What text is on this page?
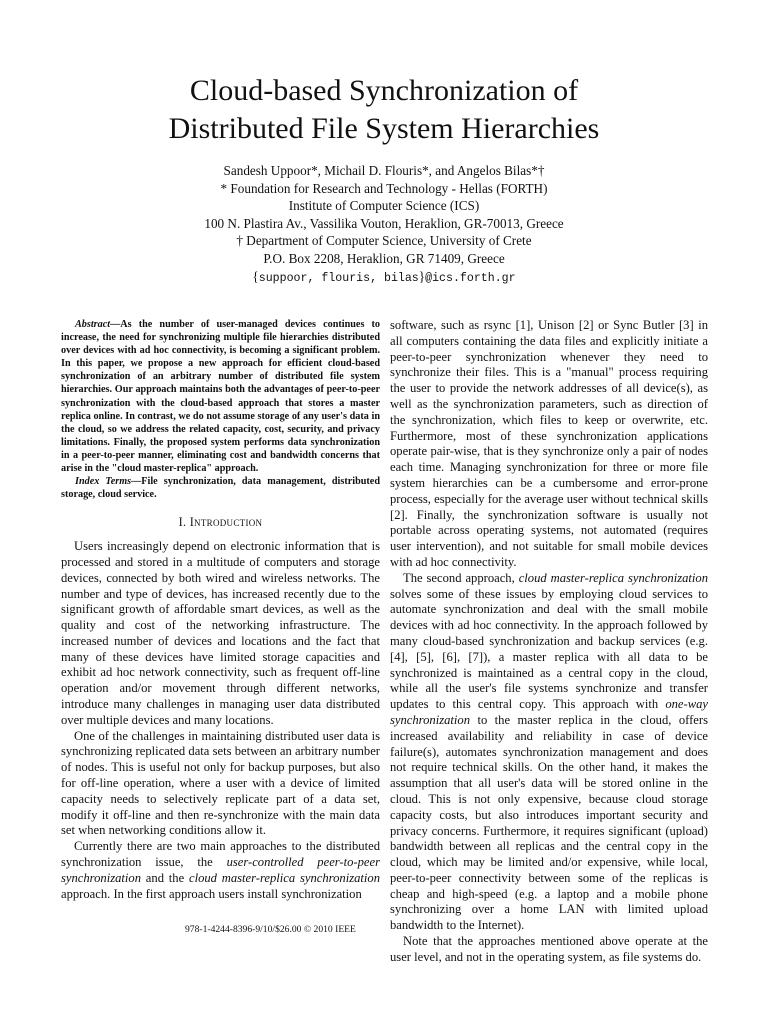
Cloud-based Synchronization of
Distributed File System Hierarchies
Sandesh Uppoor*, Michail D. Flouris*, and Angelos Bilas*†
* Foundation for Research and Technology - Hellas (FORTH)
Institute of Computer Science (ICS)
100 N. Plastira Av., Vassilika Vouton, Heraklion, GR-70013, Greece
† Department of Computer Science, University of Crete
P.O. Box 2208, Heraklion, GR 71409, Greece
{suppoor, flouris, bilas}@ics.forth.gr

Abstract—As the number of user-managed devices continues to increase, the need for synchronizing multiple file hierarchies distributed over devices with ad hoc connectivity, is becoming a significant problem. In this paper, we propose a new approach for efficient cloud-based synchronization of an arbitrary number of distributed file system hierarchies. Our approach maintains both the advantages of peer-to-peer synchronization with the cloud-based approach that stores a master replica online. In contrast, we do not assume storage of any user's data in the cloud, so we address the related capacity, cost, security, and privacy limitations. Finally, the proposed system performs data synchronization in a peer-to-peer manner, eliminating cost and bandwidth concerns that arise in the "cloud master-replica" approach.

Index Terms—File synchronization, data management, distributed storage, cloud service.

I. Introduction

Users increasingly depend on electronic information that is processed and stored in a multitude of computers and storage devices, connected by both wired and wireless networks. The number and type of devices, has increased recently due to the significant growth of affordable smart devices, as well as the quality and cost of the networking infrastructure. The increased number of devices and locations and the fact that many of these devices have limited storage capacities and exhibit ad hoc network connectivity, such as frequent off-line operation and/or movement through different networks, introduce many challenges in managing user data distributed over multiple devices and many locations.

One of the challenges in maintaining distributed user data is synchronizing replicated data sets between an arbitrary number of nodes. This is useful not only for backup purposes, but also for off-line operation, where a user with a device of limited capacity needs to selectively replicate part of a data set, modify it off-line and then re-synchronize with the main data set when networking conditions allow it.

Currently there are two main approaches to the distributed synchronization issue, the user-controlled peer-to-peer synchronization and the cloud master-replica synchronization approach. In the first approach users install synchronization

software, such as rsync [1], Unison [2] or Sync Butler [3] in all computers containing the data files and explicitly initiate a peer-to-peer synchronization whenever they need to synchronize their files. This is a "manual" process requiring the user to provide the network addresses of all device(s), as well as the synchronization parameters, such as direction of the synchronization, which files to keep or overwrite, etc. Furthermore, most of these synchronization applications operate pair-wise, that is they synchronize only a pair of nodes each time. Managing synchronization for three or more file system hierarchies can be a cumbersome and error-prone process, especially for the average user without technical skills [2]. Finally, the synchronization software is usually not portable across operating systems, not automated (requires user intervention), and not suitable for small mobile devices with ad hoc connectivity.

The second approach, cloud master-replica synchronization solves some of these issues by employing cloud services to automate synchronization and deal with the small mobile devices with ad hoc connectivity. In the approach followed by many cloud-based synchronization and backup services (e.g. [4], [5], [6], [7]), a master replica with all data to be synchronized is maintained as a central copy in the cloud, while all the user's file systems synchronize and transfer updates to this central copy. This approach with one-way synchronization to the master replica in the cloud, offers increased availability and reliability in case of device failure(s), automates synchronization management and does not require technical skills. On the other hand, it makes the assumption that all user's data will be stored online in the cloud. This is not only expensive, because cloud storage capacity costs, but also introduces important security and privacy concerns. Furthermore, it requires significant (upload) bandwidth between all replicas and the central copy in the cloud, which may be limited and/or expensive, while local, peer-to-peer connectivity between some of the replicas is cheap and high-speed (e.g. a laptop and a mobile phone synchronizing over a home LAN with limited upload bandwidth to the Internet).

Note that the approaches mentioned above operate at the user level, and not in the operating system, as file systems do.

978-1-4244-8396-9/10/$26.00 © 2010 IEEE
